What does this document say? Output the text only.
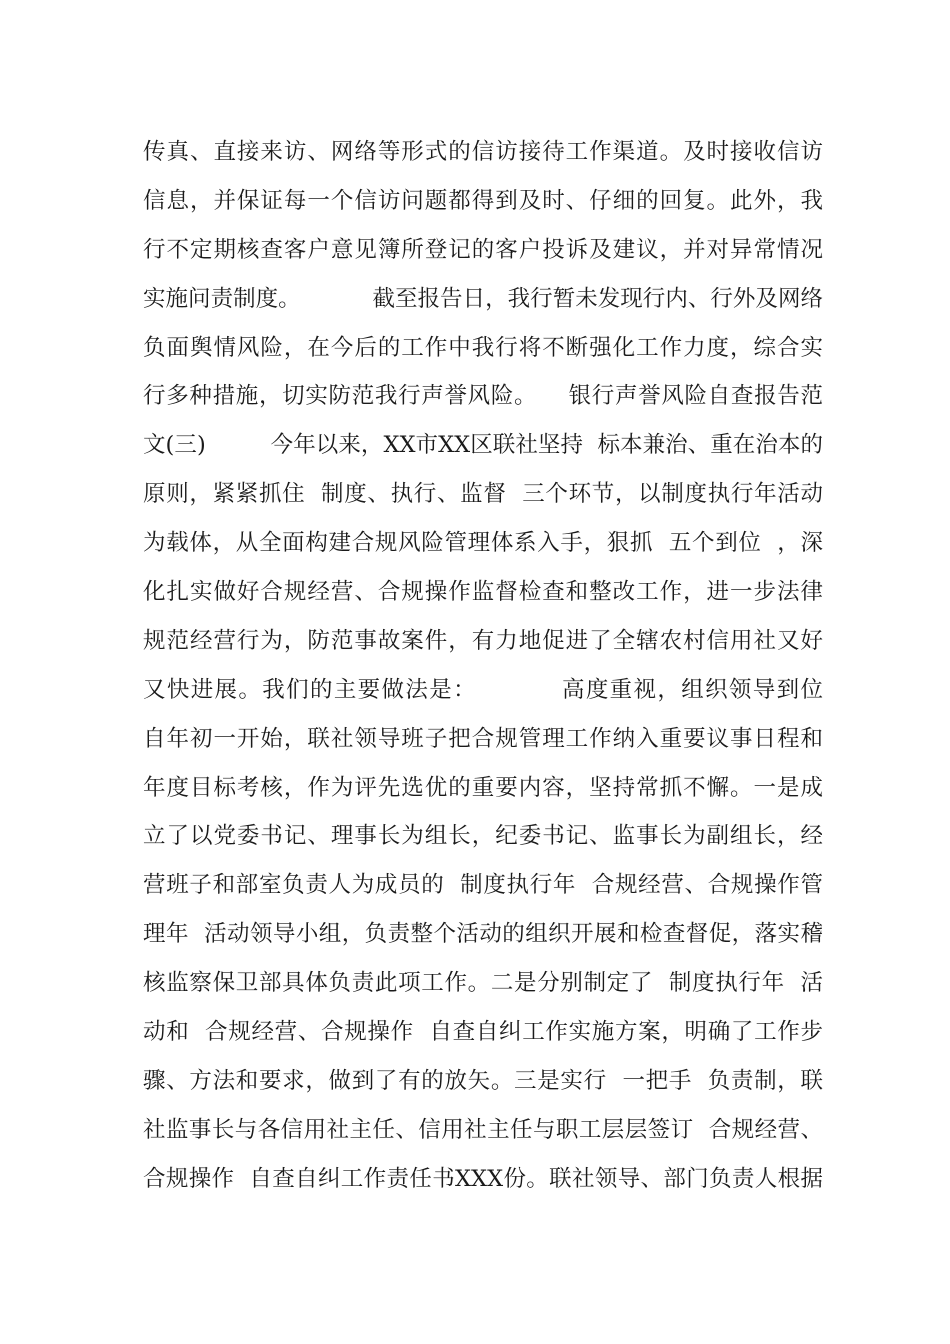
传真、直接来访、网络等形式的信访接待工作渠道。及时接收信访
信息，并保证每一个信访问题都得到及时、仔细的回复。此外，我
行不定期核查客户意见簿所登记的客户投诉及建议，并对异常情况
实施问责制度。          截至报告日，我行暂未发现行内、行外及网络
负面舆情风险，在今后的工作中我行将不断强化工作力度，综合实
行多种措施，切实防范我行声誉风险。    银行声誉风险自查报告范
文(三)         今年以来，XX市XX区联社坚持  标本兼治、重在治本的
原则，紧紧抓住  制度、执行、监督  三个环节，以制度执行年活动
为载体，从全面构建合规风险管理体系入手，狠抓  五个到位  ，深
化扎实做好合规经营、合规操作监督检查和整改工作，进一步法律
规范经营行为，防范事故案件，有力地促进了全辖农村信用社又好
又快进展。我们的主要做法是：          高度重视，组织领导到位
自年初一开始，联社领导班子把合规管理工作纳入重要议事日程和
年度目标考核，作为评先选优的重要内容，坚持常抓不懈。一是成
立了以党委书记、理事长为组长，纪委书记、监事长为副组长，经
营班子和部室负责人为成员的  制度执行年  合规经营、合规操作管
理年  活动领导小组，负责整个活动的组织开展和检查督促，落实稽
核监察保卫部具体负责此项工作。二是分别制定了  制度执行年  活
动和  合规经营、合规操作  自查自纠工作实施方案，明确了工作步
骤、方法和要求，做到了有的放矢。三是实行  一把手  负责制，联
社监事长与各信用社主任、信用社主任与职工层层签订  合规经营、
合规操作  自查自纠工作责任书XXX份。联社领导、部门负责人根据
